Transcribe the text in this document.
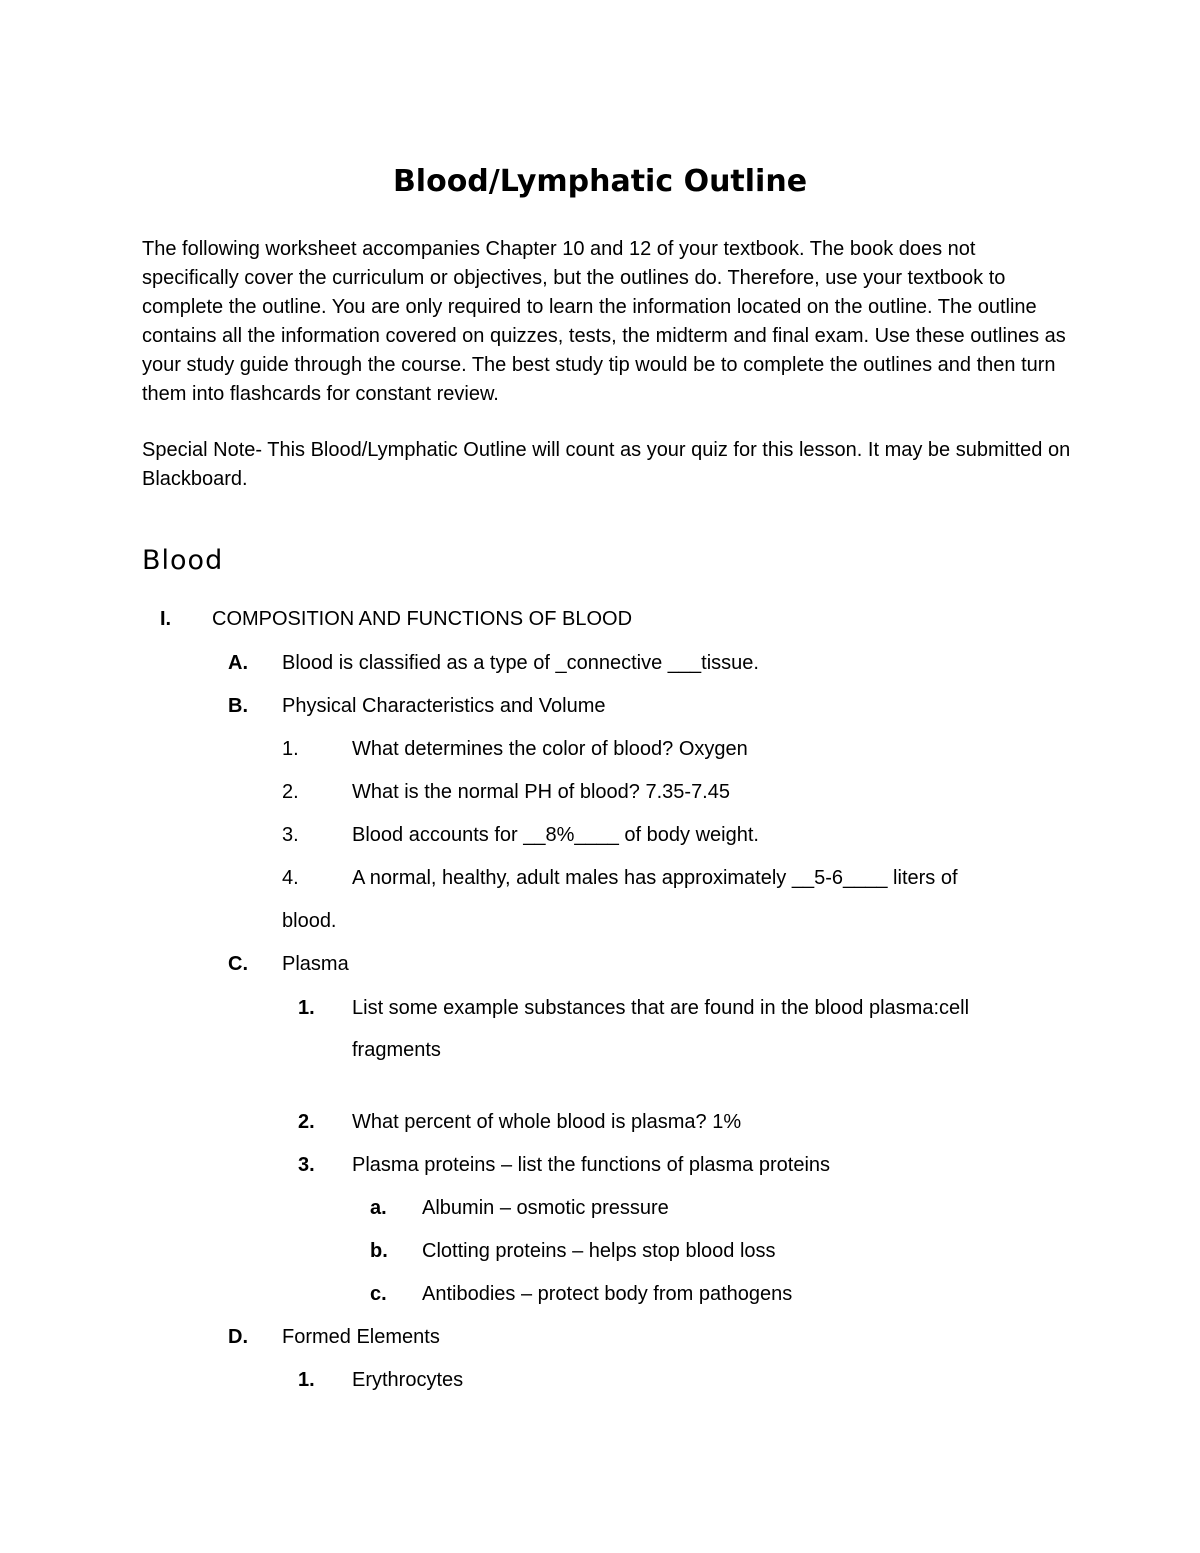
Blood/Lymphatic Outline

The following worksheet accompanies Chapter 10 and 12 of your textbook. The book does not specifically cover the curriculum or objectives, but the outlines do. Therefore, use your textbook to complete the outline. You are only required to learn the information located on the outline. The outline contains all the information covered on quizzes, tests, the midterm and final exam. Use these outlines as your study guide through the course. The best study tip would be to complete the outlines and then turn them into flashcards for constant review.

Special Note- This Blood/Lymphatic Outline will count as your quiz for this lesson. It may be submitted on Blackboard.

Blood
I. COMPOSITION AND FUNCTIONS OF BLOOD
A. Blood is classified as a type of _connective ___tissue.
B. Physical Characteristics and Volume
1.	What determines the color of blood? Oxygen
2.	What is the normal PH of blood? 7.35-7.45
3.	Blood accounts for __8%____ of body weight.
4.	A normal, healthy, adult males has approximately __5-6____ liters of
blood.
C. Plasma
1. List some example substances that are found in the blood plasma:cell
fragments
2. What percent of whole blood is plasma? 1%
3. Plasma proteins – list the functions of plasma proteins
a. Albumin – osmotic pressure
b. Clotting proteins – helps stop blood loss
c. Antibodies – protect body from pathogens
D. Formed Elements
1. Erythrocytes
